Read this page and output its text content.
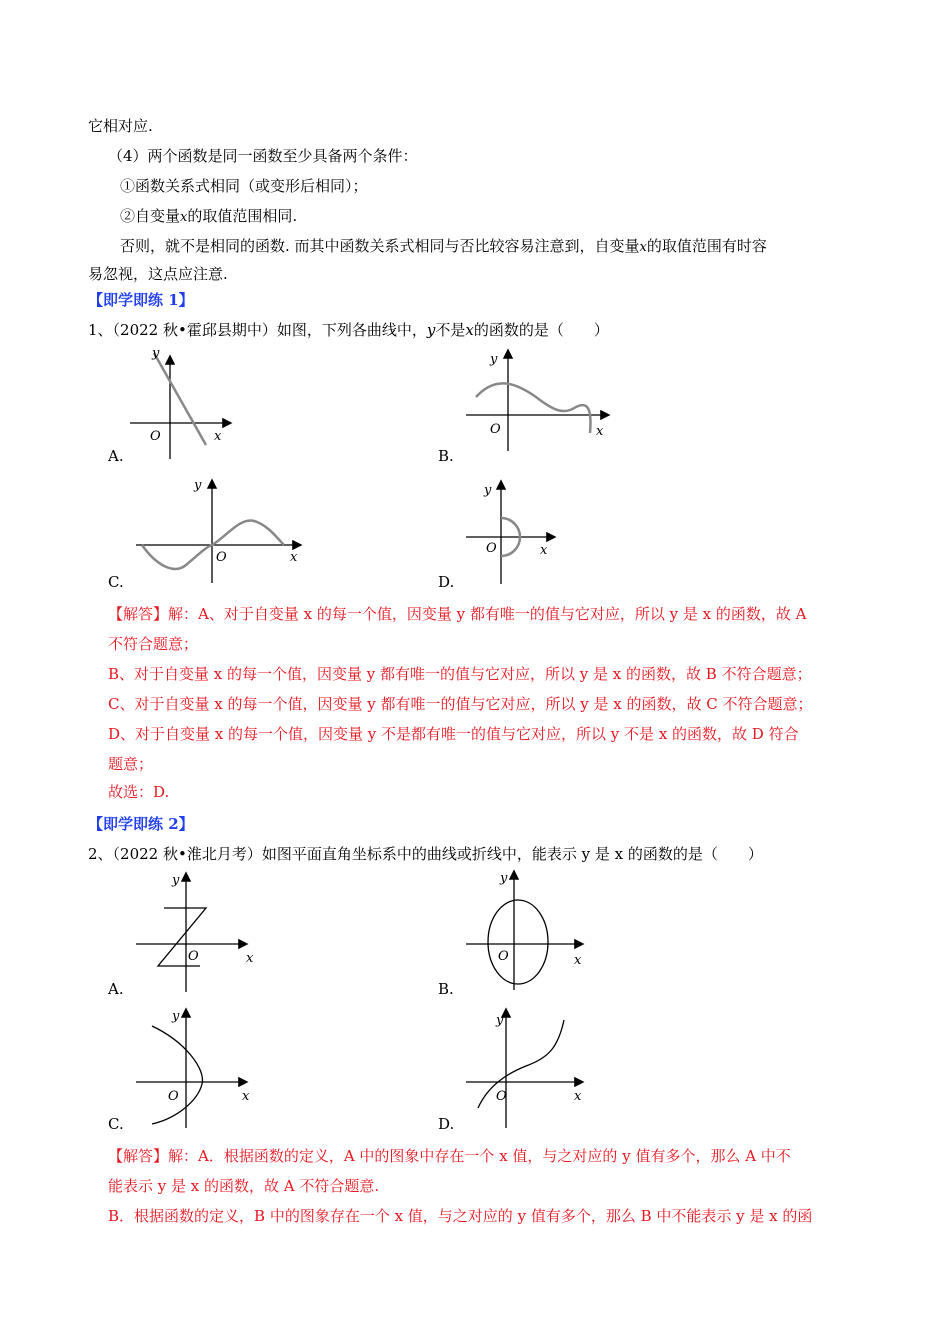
它相对应.
（4）两个函数是同一函数至少具备两个条件：
①函数关系式相同（或变形后相同）；
②自变量x的取值范围相同.
否则，就不是相同的函数. 而其中函数关系式相同与否比较容易注意到，自变量x的取值范围有时容
易忽视，这点应注意.
【即学即练 1】
1、（2022 秋•霍邱县期中）如图，下列各曲线中，y不是x的函数的是（　　）
y
O	x
A.
y
O	x
B.
y
O	x
C.
y
O	x
D.
【解答】解：A、对于自变量 x 的每一个值，因变量 y 都有唯一的值与它对应，所以 y 是 x 的函数，故 A
不符合题意；
B、对于自变量 x 的每一个值，因变量 y 都有唯一的值与它对应，所以 y 是 x 的函数，故 B 不符合题意；
C、对于自变量 x 的每一个值，因变量 y 都有唯一的值与它对应，所以 y 是 x 的函数，故 C 不符合题意；
D、对于自变量 x 的每一个值，因变量 y 不是都有唯一的值与它对应，所以 y 不是 x 的函数，故 D 符合
题意；
故选：D.
【即学即练 2】
2、（2022 秋•淮北月考）如图平面直角坐标系中的曲线或折线中，能表示 y 是 x 的函数的是（　　）
y
O	x
A.
y
O	x
B.
y
O	x
C.
y
O	x
D.
【解答】解：A．根据函数的定义，A 中的图象中存在一个 x 值，与之对应的 y 值有多个，那么 A 中不
能表示 y 是 x 的函数，故 A 不符合题意.
B．根据函数的定义，B 中的图象存在一个 x 值，与之对应的 y 值有多个，那么 B 中不能表示 y 是 x 的函
